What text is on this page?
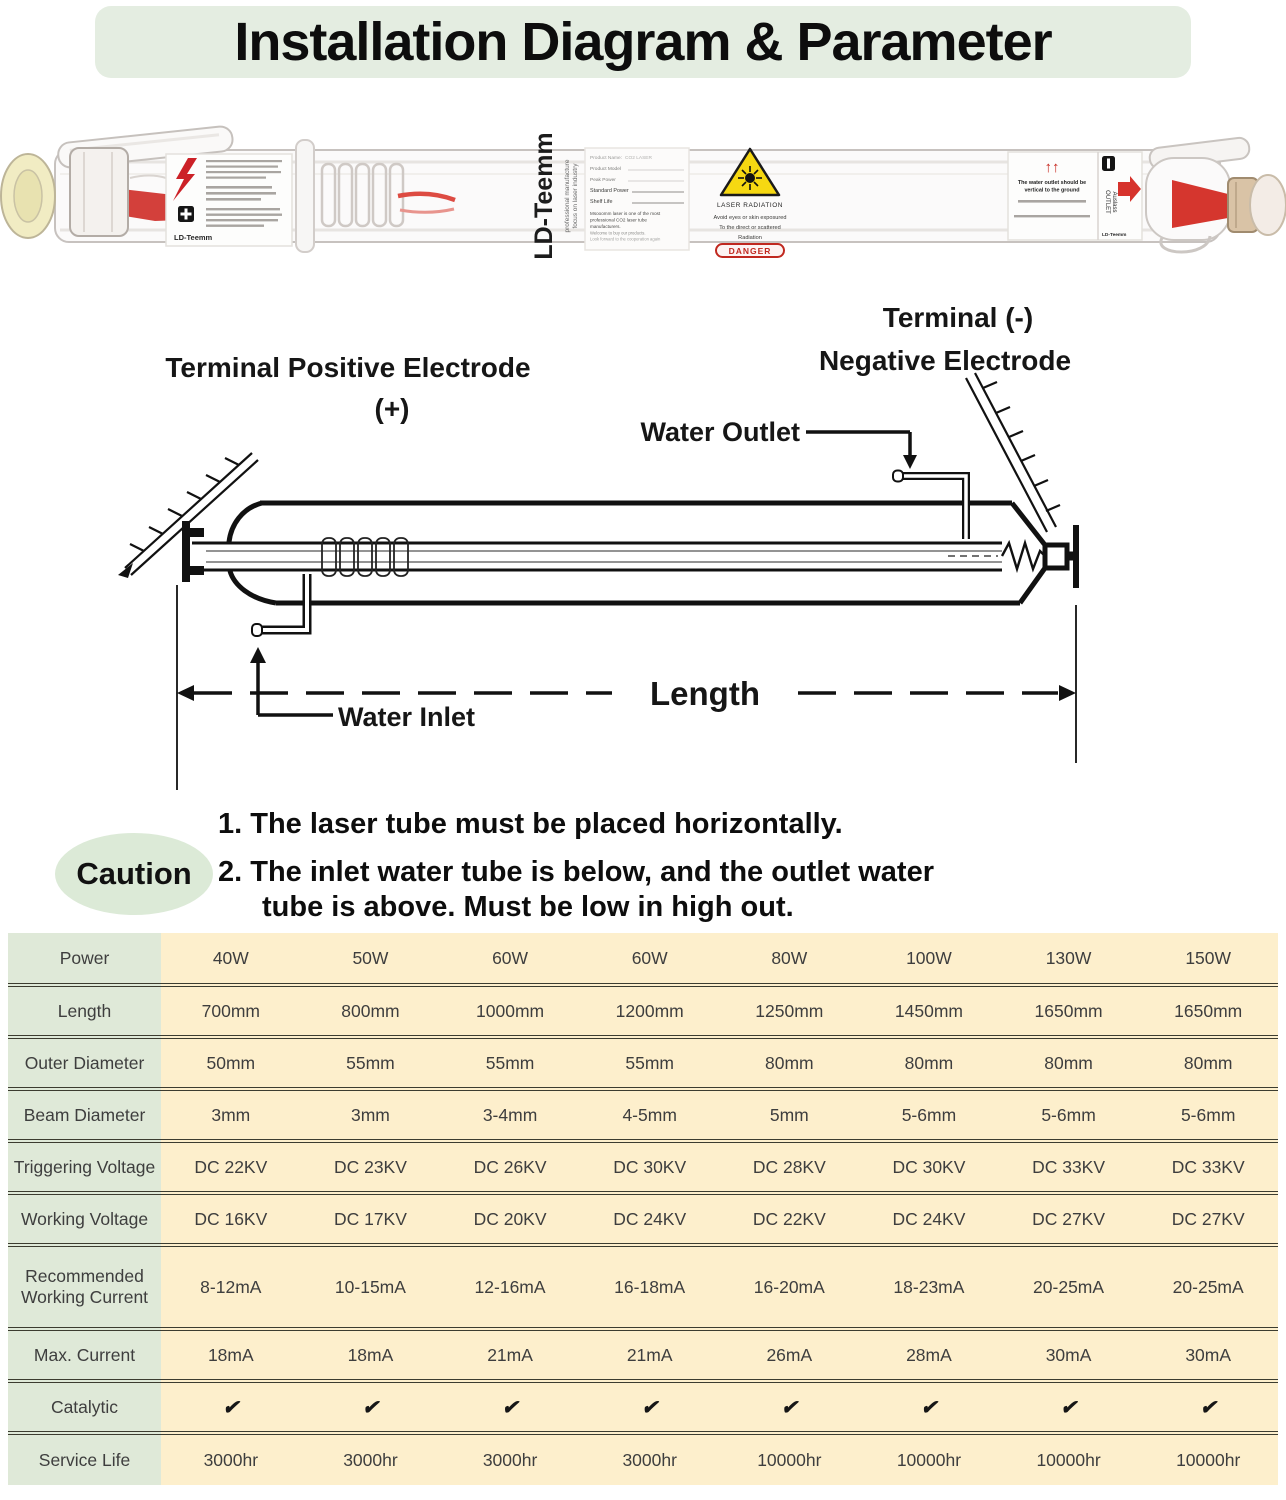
Installation Diagram & Parameter
LD-Teemm	LD-Teemm professional manufacture focus on laser industry
Product Name: CO2 LASER
Product Model
Peak Power
Standard Power
Shelf Life
Msooomm laser is one of the most
professional CO2 laser tube
manufacturers.
Welcome to buy our products.
Look forward to the cooperation again
LASER RADIATION
Avoid eyes or skin exposured
To the direct or scattered
Radiation
DANGER
↑↑
The water outlet should be
vertical to the ground	OUTLET Auslass
LD-Teemm
Terminal (-)
Negative Electrode
Terminal Positive Electrode
(+)
Water Outlet
Length
Water Inlet
Caution
1. The laser tube must be placed horizontally.
2. The inlet water tube is below, and the outlet water
tube is above. Must be low in high out.
Power	40W	50W	60W	60W	80W	100W	130W	150W
Length	700mm	800mm	1000mm	1200mm	1250mm	1450mm	1650mm	1650mm
Outer Diameter	50mm	55mm	55mm	55mm	80mm	80mm	80mm	80mm
Beam Diameter	3mm	3mm	3-4mm	4-5mm	5mm	5-6mm	5-6mm	5-6mm
Triggering Voltage	DC 22KV	DC 23KV	DC 26KV	DC 30KV	DC 28KV	DC 30KV	DC 33KV	DC 33KV
Working Voltage	DC 16KV	DC 17KV	DC 20KV	DC 24KV	DC 22KV	DC 24KV	DC 27KV	DC 27KV
Recommended Working Current	8-12mA	10-15mA	12-16mA	16-18mA	16-20mA	18-23mA	20-25mA	20-25mA
Max. Current	18mA	18mA	21mA	21mA	26mA	28mA	30mA	30mA
Catalytic	✔	✔	✔	✔	✔	✔	✔	✔
Service Life	3000hr	3000hr	3000hr	3000hr	10000hr	10000hr	10000hr	10000hr
